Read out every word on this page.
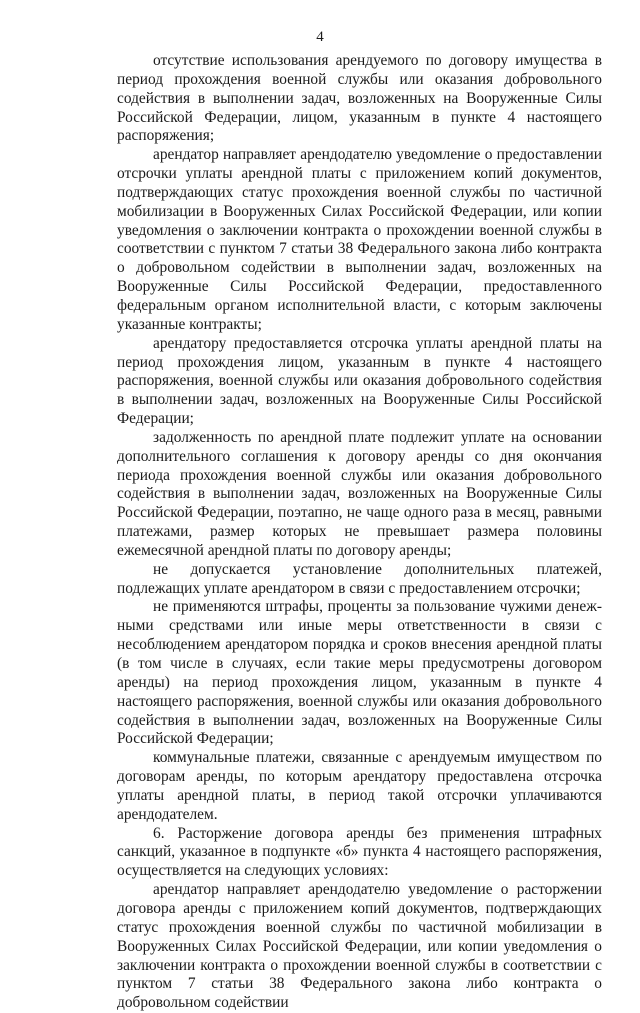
4

отсутствие использования арендуемого по договору имущества в период прохождения военной службы или оказания добровольного содействия в выполнении задач, возложенных на Вооруженные Силы Российской Федерации, лицом, указанным в пункте 4 настоящего распоряжения;

арендатор направляет арендодателю уведомление о предоставлении отсрочки уплаты арендной платы с приложением копий документов, подтверждающих статус прохождения военной службы по частичной мобилизации в Вооруженных Силах Российской Федерации, или копии уведомления о заключении контракта о прохождении военной службы в соответствии с пунктом 7 статьи 38 Федерального закона либо контракта о добровольном содействии в выполнении задач, возложенных на Вооруженные Силы Российской Федерации, предоставленного федеральным органом исполнительной власти, с которым заключены указанные контракты;

арендатору предоставляется отсрочка уплаты арендной платы на период прохождения лицом, указанным в пункте 4 настоящего распоряжения, военной службы или оказания добровольного содействия в выполнении задач, возложенных на Вооруженные Силы Российской Федерации;

задолженность по арендной плате подлежит уплате на основании дополнительного соглашения к договору аренды со дня окончания периода прохождения военной службы или оказания добровольного содействия в выполнении задач, возложенных на Вооруженные Силы Российской Федерации, поэтапно, не чаще одного раза в месяц, равными платежами, размер которых не превышает размера половины ежемесячной арендной платы по договору аренды;

не допускается установление дополнительных платежей, подлежащих уплате арендатором в связи с предоставлением отсрочки;

не применяются штрафы, проценты за пользование чужими денежными средствами или иные меры ответственности в связи с несоблюдением арендатором порядка и сроков внесения арендной платы (в том числе в случаях, если такие меры предусмотрены договором аренды) на период прохождения лицом, указанным в пункте 4 настоящего распоряжения, военной службы или оказания добровольного содействия в выполнении задач, возложенных на Вооруженные Силы Российской Федерации;

коммунальные платежи, связанные с арендуемым имуществом по договорам аренды, по которым арендатору предоставлена отсрочка уплаты арендной платы, в период такой отсрочки уплачиваются арендодателем.

6. Расторжение договора аренды без применения штрафных санкций, указанное в подпункте «б» пункта 4 настоящего распоряжения, осуществляется на следующих условиях:

арендатор направляет арендодателю уведомление о расторжении договора аренды с приложением копий документов, подтверждающих статус прохождения военной службы по частичной мобилизации в Вооруженных Силах Российской Федерации, или копии уведомления о заключении контракта о прохождении военной службы в соответствии с пунктом 7 статьи 38 Федерального закона либо контракта о добровольном содействии
